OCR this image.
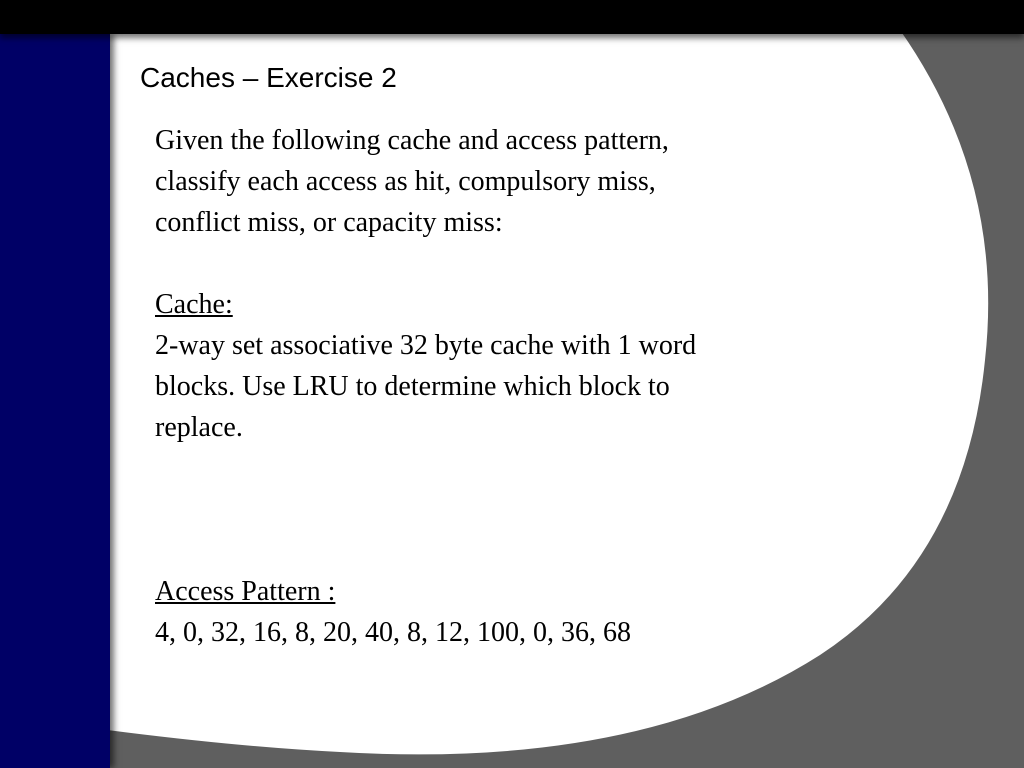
Caches – Exercise 2

Given the following cache and access pattern,

classify each access as hit, compulsory miss,

conflict miss, or capacity miss:

Cache:

2-way set associative 32 byte cache with 1 word

blocks. Use LRU to determine which block to

replace.

Access Pattern :

4, 0, 32, 16, 8, 20, 40, 8, 12, 100, 0, 36, 68
